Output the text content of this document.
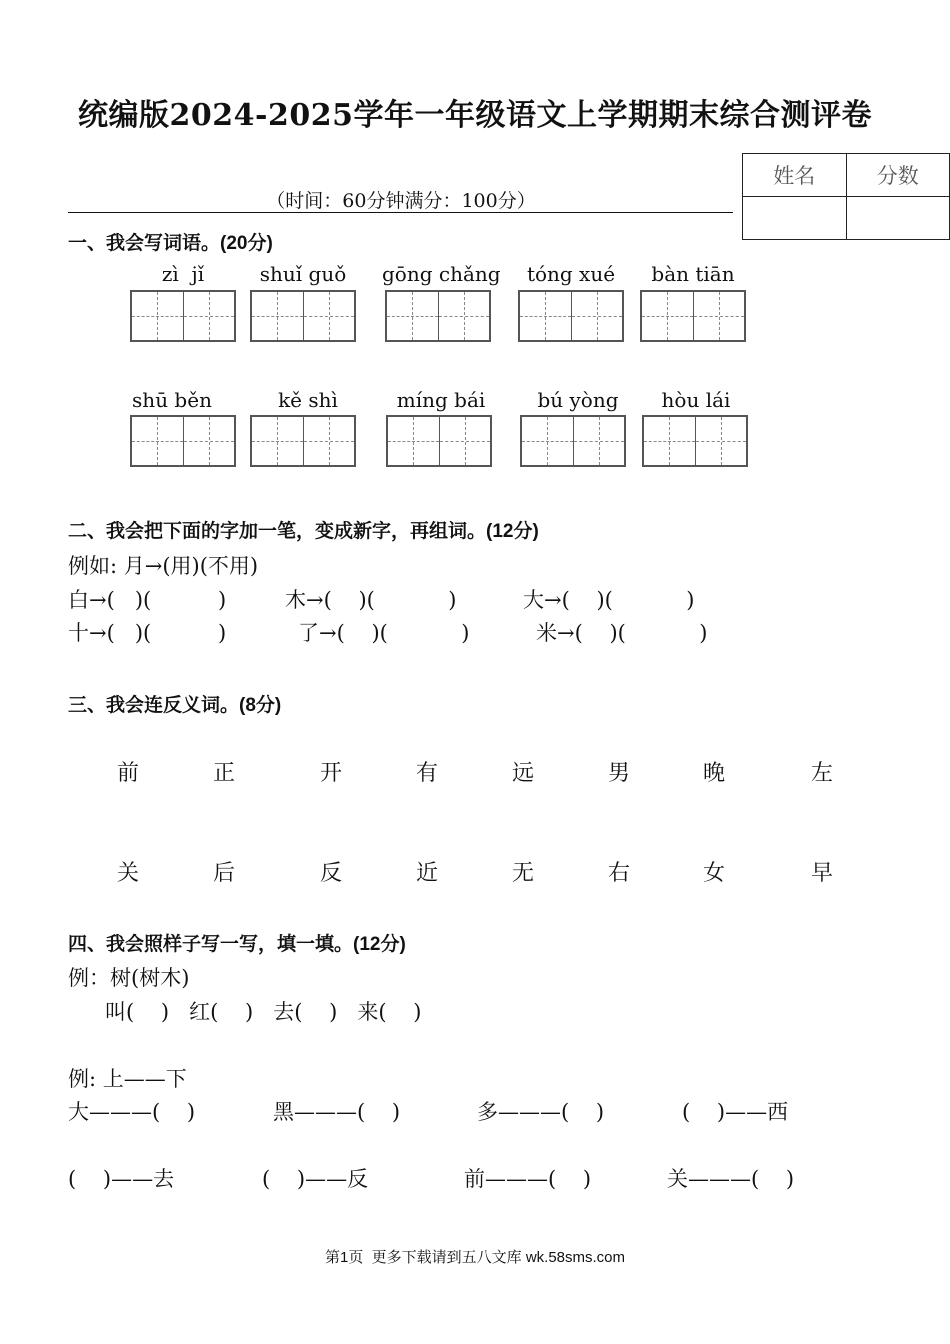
统编版2024-2025学年一年级语文上学期期末综合测评卷
（时间：60分钟满分：100分）
姓名	分数

一、我会写词语。(20分)
zì  jǐ	shuǐ guǒ	gōng chǎng	tóng xué	bàn tiān
shū běn	kě shì	míng bái	bú yòng	hòu lái
二、我会把下面的字加一笔，变成新字，再组词。(12分)
例如: 月→(用)(不用)
白→(   )(          )	木→(    )(           )	大→(    )(           )
十→(   )(          )	了→(    )(           )	米→(    )(           )
三、我会连反义词。(8分)
前	正	开	有	远	男	晚	左
关	后	反	近	无	右	女	早
四、我会照样子写一写，填一填。(12分)
例：树(树木)
叫(    )   红(    )   去(    )   来(    )
例: 上——下
大———(    )	黑———(    )	多———(    )	(    )——西
(    )——去	(    )——反	前———(    )	关———(    )
第1页  更多下载请到五八文库 wk.58sms.com
